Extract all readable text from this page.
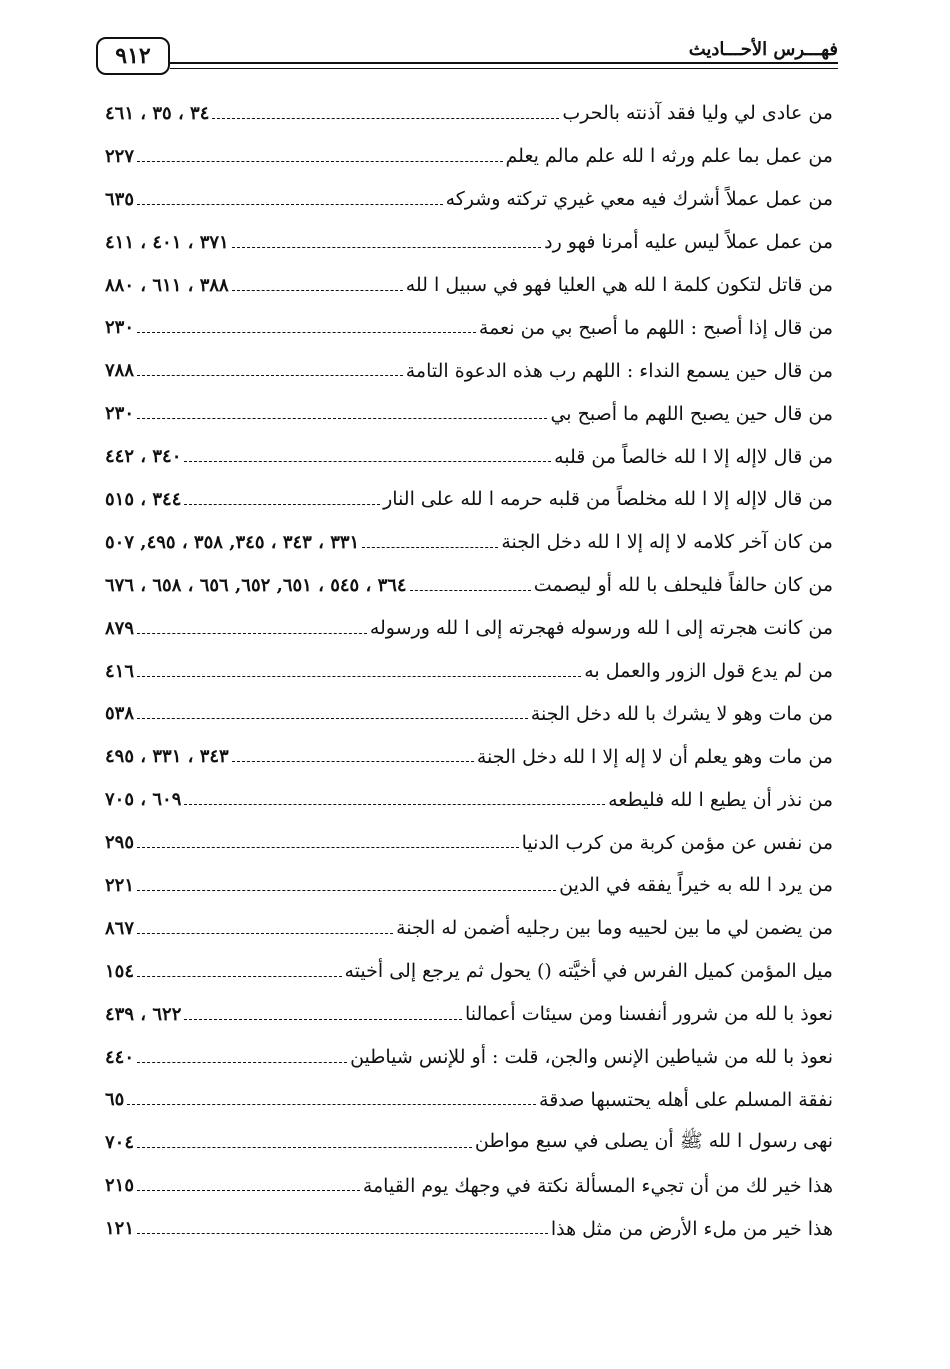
٩١٢	فهـــرس الأحـــاديث
من عادى لي وليا فقد آذنته بالحرب
٣٤ ، ٣٥ ، ٤٦١
من عمل بما علم ورثه ا لله علم مالم يعلم
٢٢٧
من عمل عملاً أشرك فيه معي غيري تركته وشركه
٦٣٥
من عمل عملاً ليس عليه أمرنا فهو رد
٣٧١ ، ٤٠١ ، ٤١١
من قاتل لتكون كلمة ا لله هي العليا فهو في سبيل ا لله
٣٨٨ ، ٦١١ ، ٨٨٠
من قال إذا أصبح : اللهم ما أصبح بي من نعمة
٢٣٠
من قال حين يسمع النداء : اللهم رب هذه الدعوة التامة
٧٨٨
من قال حين يصبح اللهم ما أصبح بي
٢٣٠
من قال لاإله إلا ا لله خالصاً من قلبه
٣٤٠ ، ٤٤٢
من قال لاإله إلا ا لله مخلصاً من قلبه حرمه ا لله على النار
٣٤٤ ، ٥١٥
من كان آخر كلامه لا إله إلا ا لله دخل الجنة
٣٣١ ، ٣٤٣ ، ٣٤٥, ٣٥٨ ، ٤٩٥, ٥٠٧
من كان حالفاً فليحلف با لله أو ليصمت
٣٦٤ ، ٥٤٥ ، ٦٥١, ٦٥٢, ٦٥٦ ، ٦٥٨ ، ٦٧٦
من كانت هجرته إلى ا لله ورسوله فهجرته إلى ا لله ورسوله
٨٧٩
من لم يدع قول الزور والعمل به
٤١٦
من مات وهو لا يشرك با لله دخل الجنة
٥٣٨
من مات وهو يعلم أن لا إله إلا ا لله دخل الجنة
٣٤٣ ، ٣٣١ ، ٤٩٥
من نذر أن يطيع ا لله فليطعه
٦٠٩ ، ٧٠٥
من نفس عن مؤمن كربة من كرب الدنيا
٢٩٥
من يرد ا لله به خيراً يفقه في الدين
٢٢١
من يضمن لي ما بين لحييه وما بين رجليه أضمن له الجنة
٨٦٧
ميل المؤمن كميل الفرس في أخيَّته () يحول ثم يرجع إلى أخيته
١٥٤
نعوذ با لله من شرور أنفسنا ومن سيئات أعمالنا
٦٢٢ ، ٤٣٩
نعوذ با لله من شياطين الإنس والجن، قلت : أو للإنس شياطين
٤٤٠
نفقة المسلم على أهله يحتسبها صدقة
٦٥
نهى رسول ا لله ﷺ أن يصلى في سبع مواطن
٧٠٤
هذا خير لك من أن تجيء المسألة نكتة في وجهك يوم القيامة
٢١٥
هذا خير من ملء الأرض من مثل هذا
١٢١
